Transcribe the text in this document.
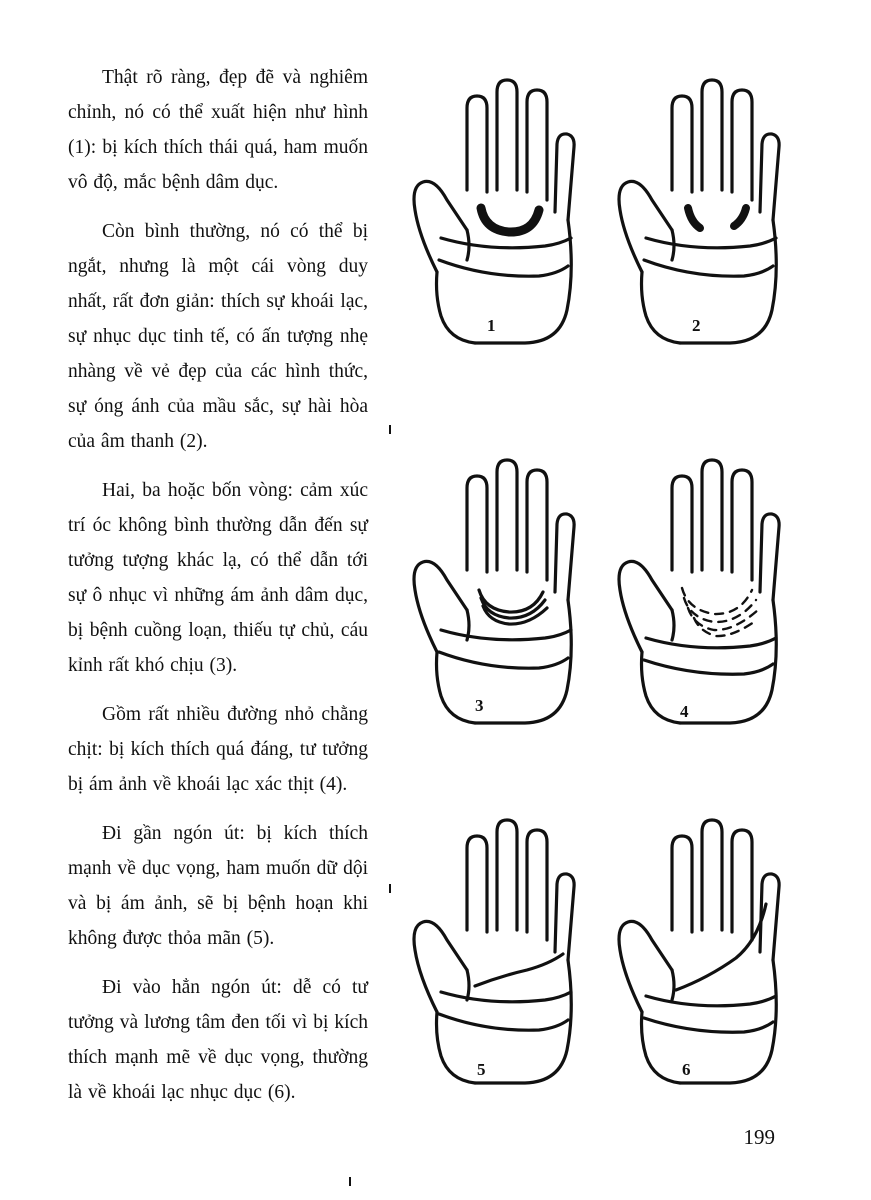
Thật rõ ràng, đẹp đẽ và nghiêm chỉnh, nó có thể xuất hiện như hình (1): bị kích thích thái quá, ham muốn vô độ, mắc bệnh dâm dục.

Còn bình thường, nó có thể bị ngắt, nhưng là một cái vòng duy nhất, rất đơn giản: thích sự khoái lạc, sự nhục dục tinh tế, có ấn tượng nhẹ nhàng về vẻ đẹp của các hình thức, sự óng ánh của mầu sắc, sự hài hòa của âm thanh (2).

Hai, ba hoặc bốn vòng: cảm xúc trí óc không bình thường dẫn đến sự tưởng tượng khác lạ, có thể dẫn tới sự ô nhục vì những ám ảnh dâm dục, bị bệnh cuồng loạn, thiếu tự chủ, cáu kỉnh rất khó chịu (3).

Gồm rất nhiều đường nhỏ chằng chịt: bị kích thích quá đáng, tư tưởng bị ám ảnh về khoái lạc xác thịt (4).

Đi gần ngón út: bị kích thích mạnh về dục vọng, ham muốn dữ dội và bị ám ảnh, sẽ bị bệnh hoạn khi không được thỏa mãn (5).

Đi vào hẳn ngón út: dễ có tư tưởng và lương tâm đen tối vì bị kích thích mạnh mẽ về dục vọng, thường là về khoái lạc nhục dục (6).

1	2
3	4
5	6
199
